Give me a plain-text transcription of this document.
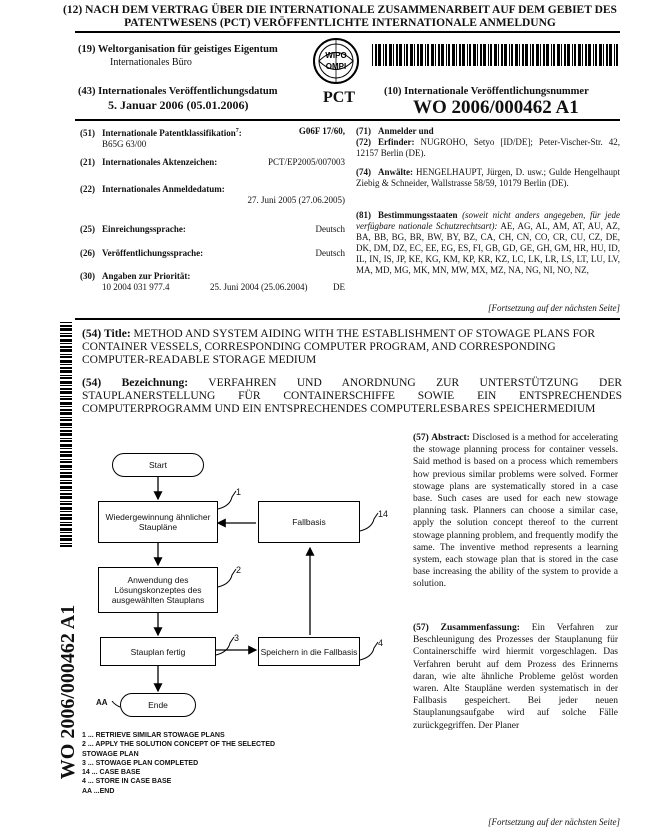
(12) NACH DEM VERTRAG ÜBER DIE INTERNATIONALE ZUSAMMENARBEIT AUF DEM GEBIET DES
PATENTWESENS (PCT) VERÖFFENTLICHTE INTERNATIONALE ANMELDUNG
(19) Weltorganisation für geistiges Eigentum
Internationales Büro
WIPO
OMPI
(43) Internationales Veröffentlichungsdatum
5. Januar 2006 (05.01.2006)	PCT	(10) Internationale Veröffentlichungsnummer
WO 2006/000462 A1
(51) Internationale Patentklassifikation$^7$:	G06F 17/60,
B65G 63/00
(21) Internationales Aktenzeichen:	PCT/EP2005/007003
(22) Internationales Anmeldedatum:
27. Juni 2005 (27.06.2005)
(25) Einreichungssprache:	Deutsch
(26) Veröffentlichungssprache:	Deutsch
(30) Angaben zur Priorität:
10 2004 031 977.4	25. Juni 2004 (25.06.2004)	DE
(71) Anmelder und
(72) Erfinder: NUGROHO, Setyo [ID/DE]; Peter-Vischer-Str. 42, 12157 Berlin (DE).
(74) Anwälte: HENGELHAUPT, Jürgen, D. usw.; Gulde Hengelhaupt Ziebig & Schneider, Wallstrasse 58/59, 10179 Berlin (DE).
(81) Bestimmungsstaaten (soweit nicht anders angegeben, für jede verfügbare nationale Schutzrechtsart): AE, AG, AL, AM, AT, AU, AZ, BA, BB, BG, BR, BW, BY, BZ, CA, CH, CN, CO, CR, CU, CZ, DE, DK, DM, DZ, EC, EE, EG, ES, FI, GB, GD, GE, GH, GM, HR, HU, ID, IL, IN, IS, JP, KE, KG, KM, KP, KR, KZ, LC, LK, LR, LS, LT, LU, LV, MA, MD, MG, MK, MN, MW, MX, MZ, NA, NG, NI, NO, NZ,
[Fortsetzung auf der nächsten Seite]
WO 2006/000462 A1
(54) Title: METHOD AND SYSTEM AIDING WITH THE ESTABLISHMENT OF STOWAGE PLANS FOR CONTAINER VESSELS, CORRESPONDING COMPUTER PROGRAM, AND CORRESPONDING COMPUTER-READABLE STORAGE MEDIUM
(54) Bezeichnung: VERFAHREN UND ANORDNUNG ZUR UNTERSTÜTZUNG DER STAUPLANERSTELLUNG FÜR CONTAINERSCHIFFE SOWIE EIN ENTSPRECHENDES COMPUTERPROGRAMM UND EIN ENTSPRECHENDES COMPUTERLESBARES SPEICHERMEDIUM
(57) Abstract: Disclosed is a method for accelerating the stowage planning process for container vessels. Said method is based on a process which remembers how previous similar problems were solved. Former stowage plans are systematically stored in a case base. Such cases are used for each new stowage planning task. Planners can choose a similar case, apply the solution concept thereof to the current stowage planning problem, and frequently modify the same. The inventive method represents a learning system, each stowage plan that is stored in the case base increasing the ability of the system to provide a solution.
(57) Zusammenfassung: Ein Verfahren zur Beschleunigung des Prozesses der Stauplanung für Containerschiffe wird hiermit vorgeschlagen. Das Verfahren beruht auf dem Prozess des Erinnerns daran, wie alte ähnliche Probleme gelöst worden waren. Alte Staupläne werden systematisch in der Fallbasis gespeichert. Bei jeder neuen Stauplanungsaufgabe wird auf solche Fälle zurückgegriffen. Der Planer
Start
Wiedergewinnung ähnlicher Staupläne
Anwendung des Lösungskonzeptes des ausgewählten Stauplans
Stauplan fertig
Fallbasis
Speichern in die Fallbasis
Ende
1
2
3
14
4
AA
1 ... RETRIEVE SIMILAR STOWAGE PLANS
2 ... APPLY THE SOLUTION CONCEPT OF THE SELECTED
STOWAGE PLAN
3 ... STOWAGE PLAN COMPLETED
14 ... CASE BASE
4 ... STORE IN CASE BASE
AA ...END
[Fortsetzung auf der nächsten Seite]
